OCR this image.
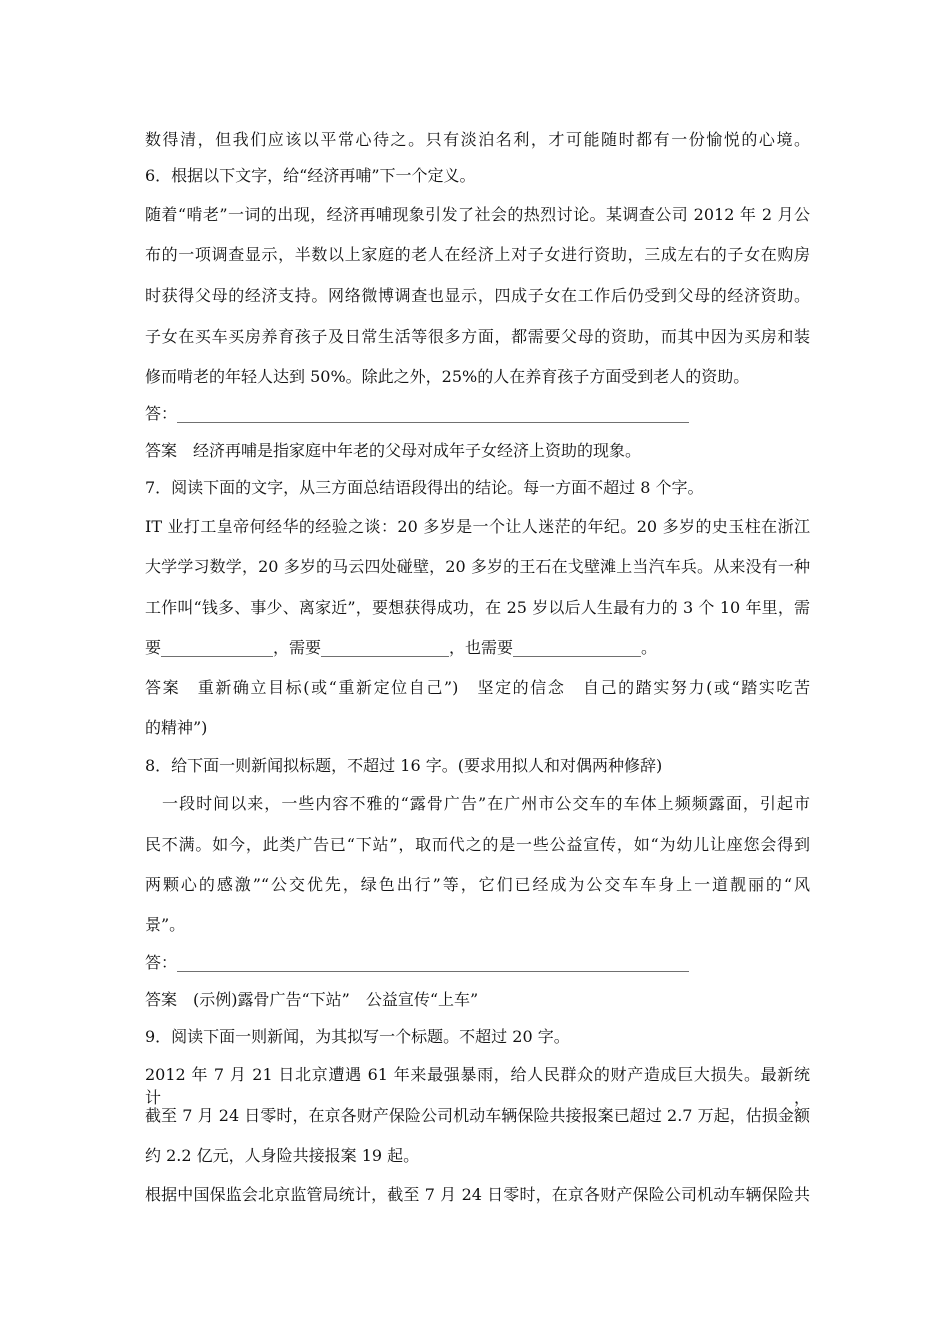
数得清，但我们应该以平常心待之。只有淡泊名利，才可能随时都有一份愉悦的心境。
6．根据以下文字，给“经济再哺”下一个定义。
随着“啃老”一词的出现，经济再哺现象引发了社会的热烈讨论。某调查公司 2012 年 2 月公
布的一项调查显示，半数以上家庭的老人在经济上对子女进行资助，三成左右的子女在购房
时获得父母的经济支持。网络微博调查也显示，四成子女在工作后仍受到父母的经济资助。
子女在买车买房养育孩子及日常生活等很多方面，都需要父母的资助，而其中因为买房和装
修而啃老的年轻人达到 50%。除此之外，25%的人在养育孩子方面受到老人的资助。
答：________________________________________________________________
答案　经济再哺是指家庭中年老的父母对成年子女经济上资助的现象。
7．阅读下面的文字，从三方面总结语段得出的结论。每一方面不超过 8 个字。
IT 业打工皇帝何经华的经验之谈：20 多岁是一个让人迷茫的年纪。20 多岁的史玉柱在浙江
大学学习数学，20 多岁的马云四处碰壁，20 多岁的王石在戈壁滩上当汽车兵。从来没有一种
工作叫“钱多、事少、离家近”，要想获得成功，在 25 岁以后人生最有力的 3 个 10 年里，需
要______________，需要________________，也需要________________。
答案　重新确立目标(或“重新定位自己”)　坚定的信念　自己的踏实努力(或“踏实吃苦
的精神”)
8．给下面一则新闻拟标题，不超过 16 字。(要求用拟人和对偶两种修辞)
　一段时间以来，一些内容不雅的“露骨广告”在广州市公交车的车体上频频露面，引起市
民不满。如今，此类广告已“下站”，取而代之的是一些公益宣传，如“为幼儿让座您会得到
两颗心的感激”“公交优先，绿色出行”等，它们已经成为公交车车身上一道靓丽的“风
景”。
答：________________________________________________________________
答案　(示例)露骨广告“下站”　公益宣传“上车”
9．阅读下面一则新闻，为其拟写一个标题。不超过 20 字。
2012 年 7 月 21 日北京遭遇 61 年来最强暴雨，给人民群众的财产造成巨大损失。最新统计，
截至 7 月 24 日零时，在京各财产保险公司机动车辆保险共接报案已超过 2.7 万起，估损金额
约 2.2 亿元，人身险共接报案 19 起。
根据中国保监会北京监管局统计，截至 7 月 24 日零时，在京各财产保险公司机动车辆保险共
